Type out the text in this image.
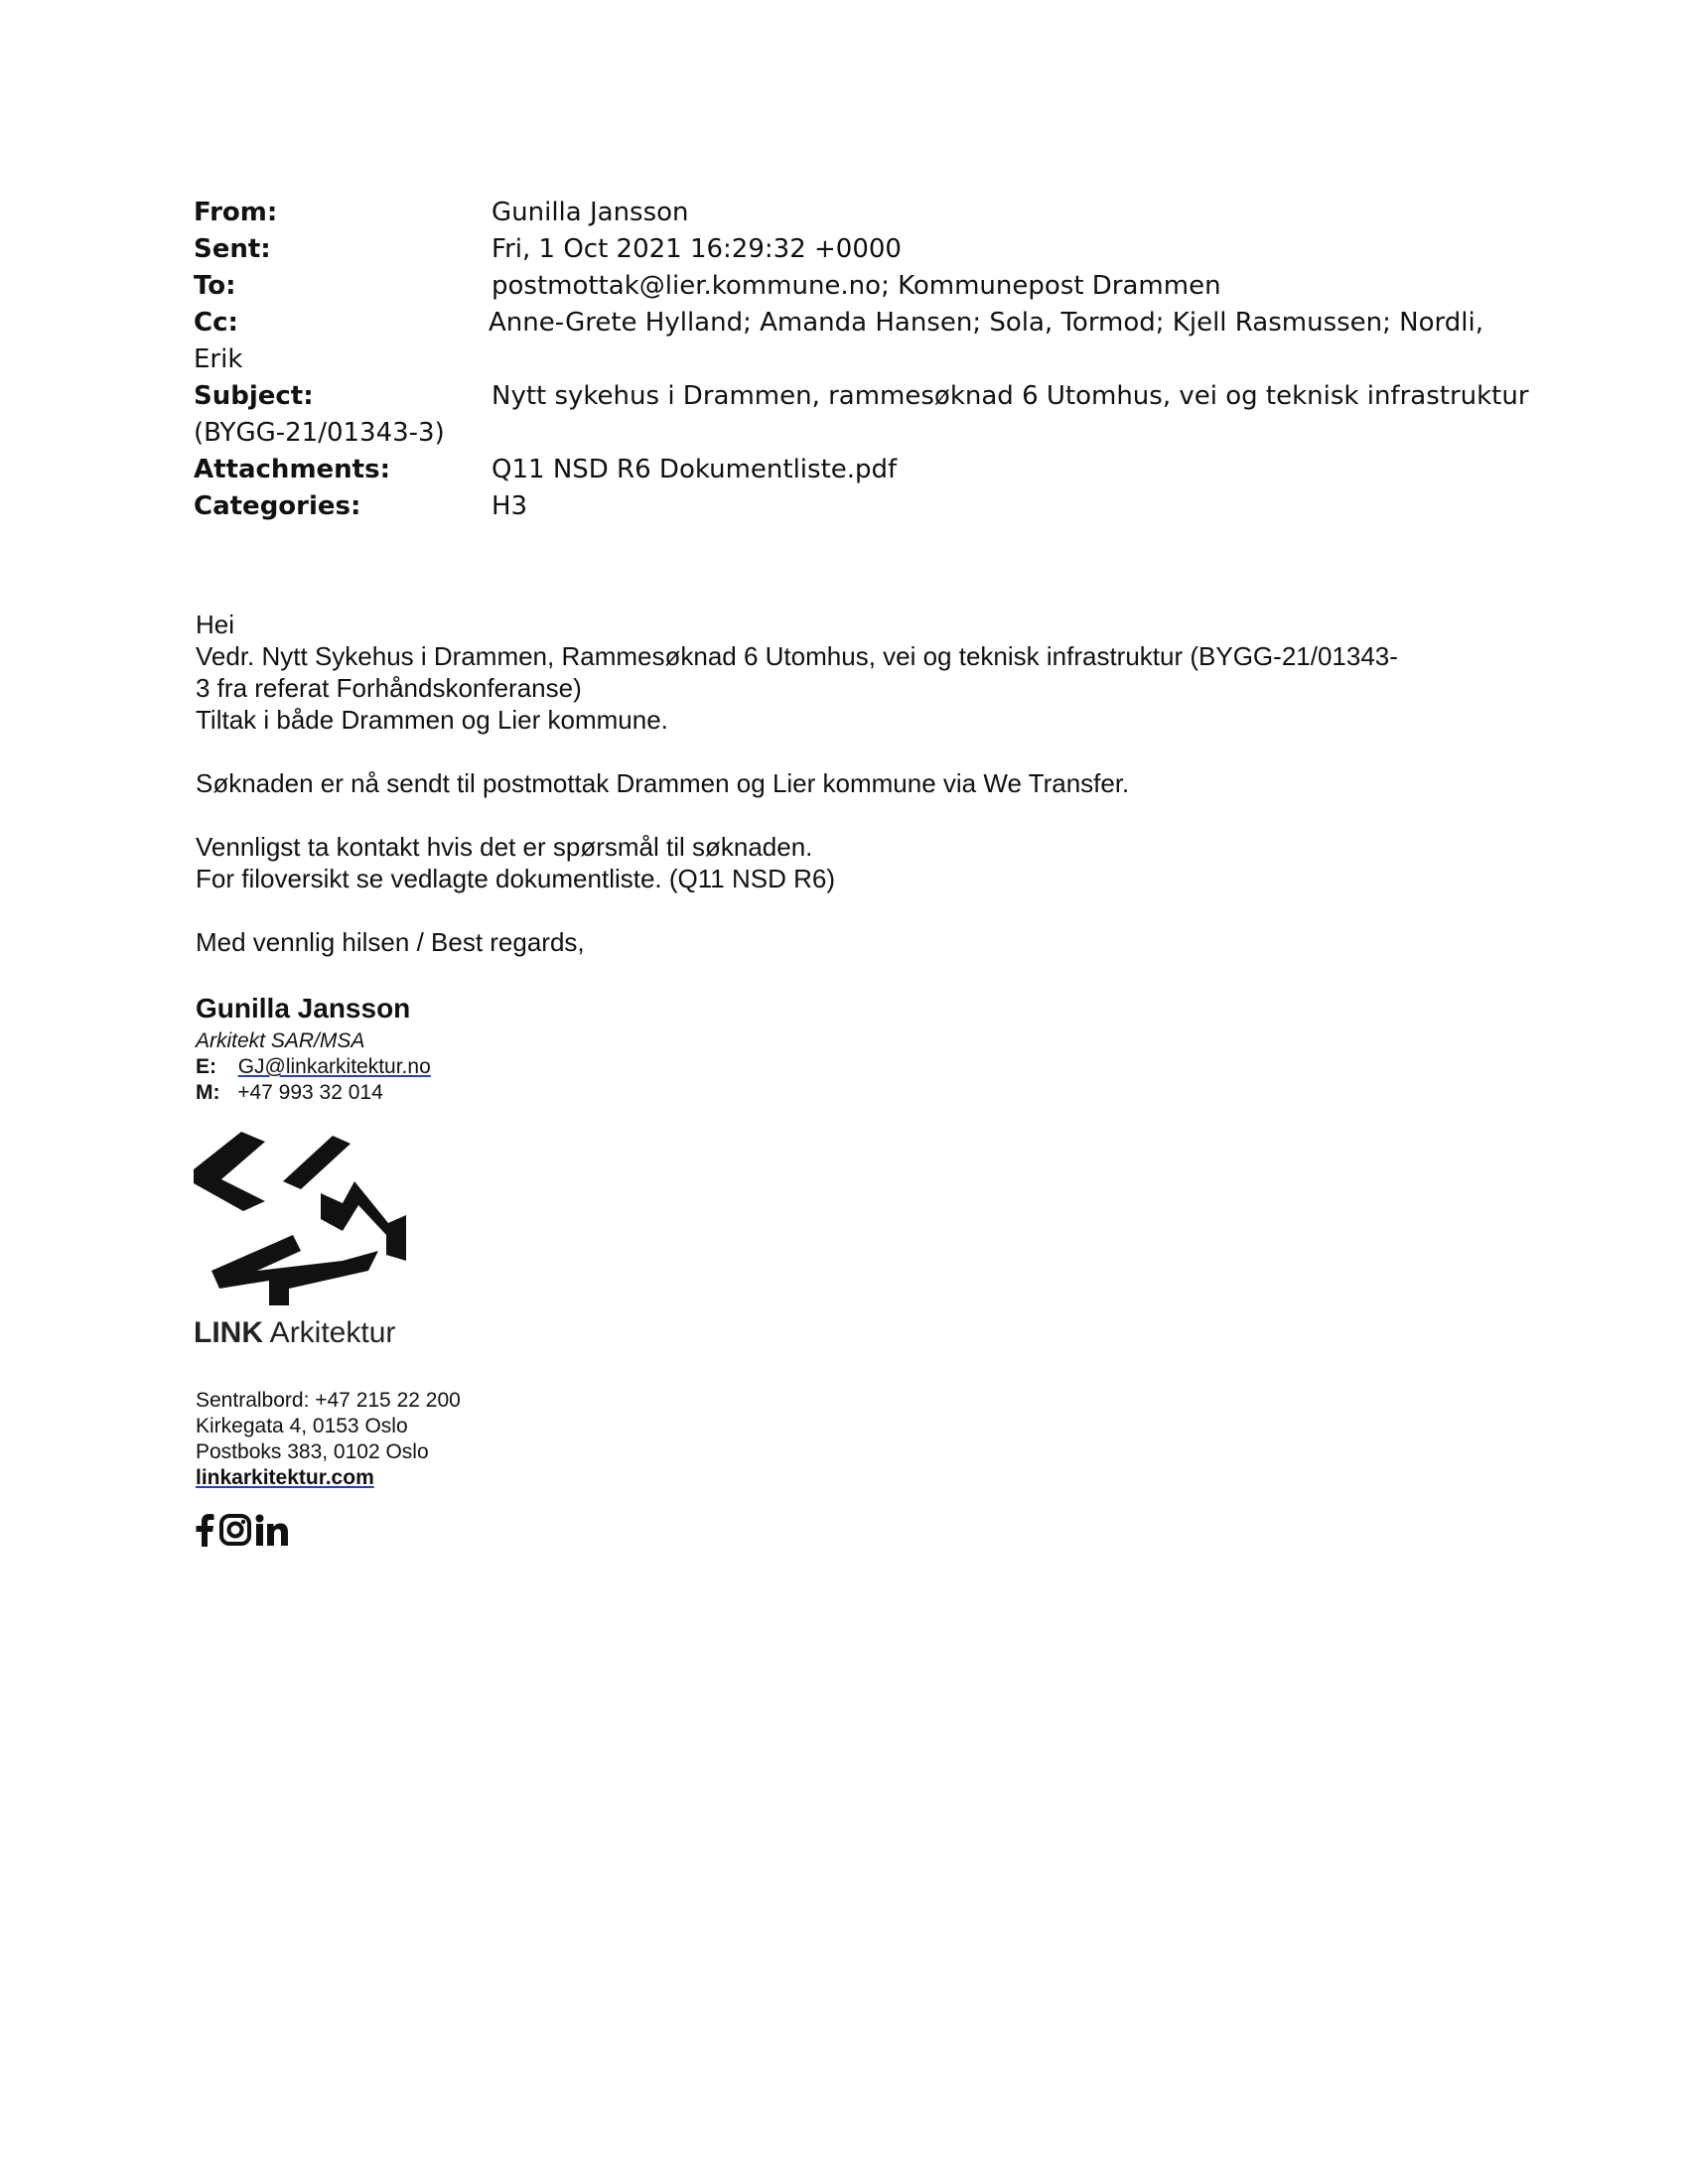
From:	Gunilla Jansson
Sent:	Fri, 1 Oct 2021 16:29:32 +0000
To:	postmottak@lier.kommune.no; Kommunepost Drammen
Cc:	Anne-Grete Hylland; Amanda Hansen; Sola, Tormod; Kjell Rasmussen; Nordli,
Erik
Subject:	Nytt sykehus i Drammen, rammesøknad 6 Utomhus, vei og teknisk infrastruktur
(BYGG-21/01343-3)
Attachments:	Q11 NSD R6 Dokumentliste.pdf
Categories:	H3
Hei
Vedr. Nytt Sykehus i Drammen, Rammesøknad 6 Utomhus, vei og teknisk infrastruktur (BYGG-21/01343-
3 fra referat Forhåndskonferanse)
Tiltak i både Drammen og Lier kommune.
Søknaden er nå sendt til postmottak Drammen og Lier kommune via We Transfer.
Vennligst ta kontakt hvis det er spørsmål til søknaden.
For filoversikt se vedlagte dokumentliste. (Q11 NSD R6)
Med vennlig hilsen / Best regards,
Gunilla Jansson
Arkitekt SAR/MSA
E: GJ@linkarkitektur.no
M: +47 993 32 014
LINK Arkitektur
Sentralbord: +47 215 22 200
Kirkegata 4, 0153 Oslo
Postboks 383, 0102 Oslo
linkarkitektur.com
